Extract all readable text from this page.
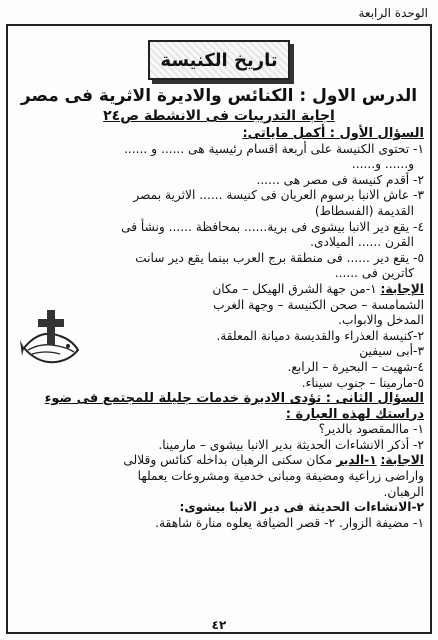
الوحدة الرابعة
تاريخ الكنيسة
الدرس الاول : الكنائس والاديرة الاثرية فى مصر
اجابة التدريبات فى الانشطة ص٢٤

السؤال الأول : أكمل ماياتى:

١- تحتوى الكنيسة على أربعة اقسام رئيسية هى ...... و ......

و...... و......

٢- أقدم كنيسة فى مصر هى ......

٣- عاش الانبا برسوم العريان فى كنيسة ...... الاثرية بمصر

القديمة (الفسطاط)

٤- يقع دير الانبا بيشوى فى برية...... بمحافظة ...... ونشأ فى

القرن ...... الميلادى.

٥- يقع دير ...... فى منطقة برج العرب بينما يقع دير سانت

كاترين فى ......

الإجابة: ١-من جهة الشرق الهيكل – مكان

الشمامسة – صحن الكنيسة – وجهة الغرب

المدخل والابواب.

٢-كنيسة العذراء والقديسة دميانة المعلقة.

٣-أبى سيفين

٤-شهيت – البحيرة – الرابع.

٥-مارمينا – جنوب سيناء.

السؤال الثانى : تؤدى الاديرة خدمات جليلة للمجتمع فى ضوء

دراستك لهذه العبارة :

١- ماالمقصود بالدير؟

٢- أذكر الانشاءات الحديثة بدير الانبا بيشوى – مارمينا.

الاجابة: ١-الدير مكان سكنى الرهبان بداخله كنائس وقلالى

واراضى زراعية ومضيفة ومبانى خدمية ومشروعات يعملها

الرهبان.

٢-الانشاءات الحديثة فى دير الانبا بيشوى:

١- مضيفة الزوار. ٢- قصر الضيافة يعلوه منارة شاهقة.

٤٢
